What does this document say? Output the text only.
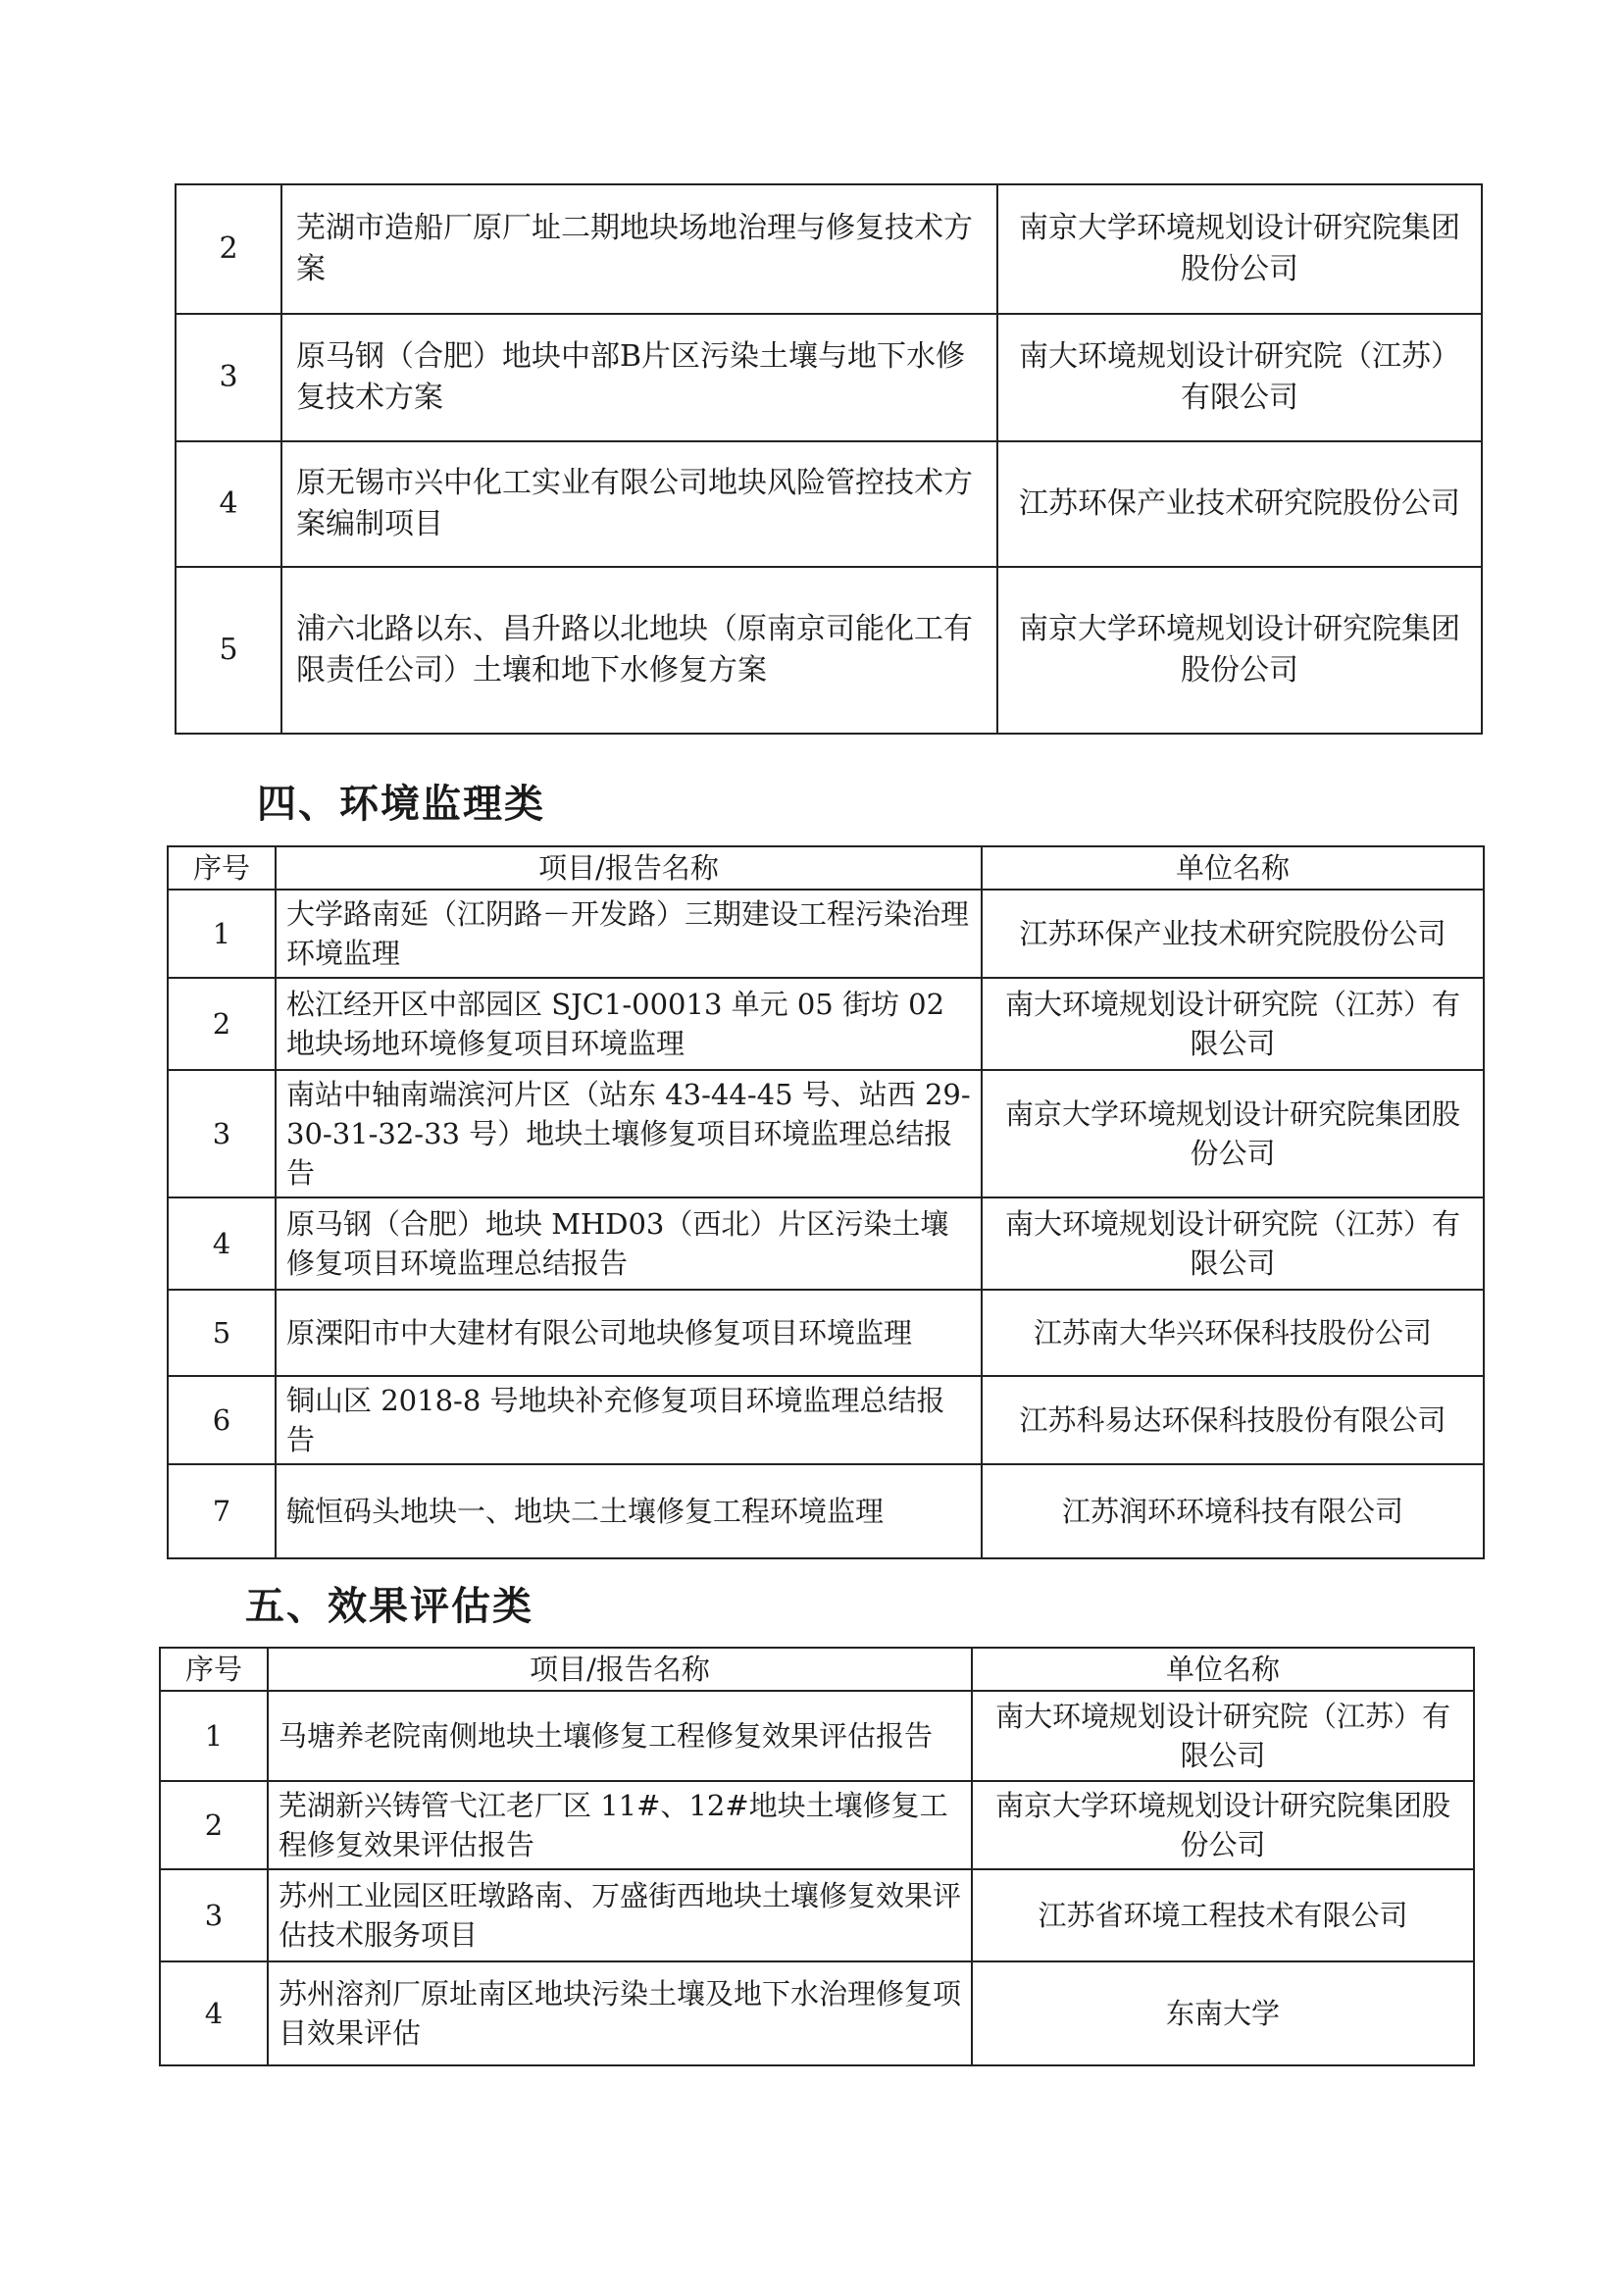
2	芜湖市造船厂原厂址二期地块场地治理与修复技术方案	南京大学环境规划设计研究院集团股份公司
3	原马钢（合肥）地块中部B片区污染土壤与地下水修复技术方案	南大环境规划设计研究院（江苏）有限公司
4	原无锡市兴中化工实业有限公司地块风险管控技术方案编制项目	江苏环保产业技术研究院股份公司
5	浦六北路以东、昌升路以北地块（原南京司能化工有限责任公司）土壤和地下水修复方案	南京大学环境规划设计研究院集团股份公司
四、环境监理类
序号	项目/报告名称	单位名称
1	大学路南延（江阴路－开发路）三期建设工程污染治理环境监理	江苏环保产业技术研究院股份公司
2	松江经开区中部园区 SJC1-00013 单元 05 街坊 02 地块场地环境修复项目环境监理	南大环境规划设计研究院（江苏）有限公司
3	南站中轴南端滨河片区（站东 43-44-45 号、站西 29-30-31-32-33 号）地块土壤修复项目环境监理总结报告	南京大学环境规划设计研究院集团股份公司
4	原马钢（合肥）地块 MHD03（西北）片区污染土壤修复项目环境监理总结报告	南大环境规划设计研究院（江苏）有限公司
5	原溧阳市中大建材有限公司地块修复项目环境监理	江苏南大华兴环保科技股份公司
6	铜山区 2018-8 号地块补充修复项目环境监理总结报告	江苏科易达环保科技股份有限公司
7	毓恒码头地块一、地块二土壤修复工程环境监理	江苏润环环境科技有限公司
五、效果评估类
序号	项目/报告名称	单位名称
1	马塘养老院南侧地块土壤修复工程修复效果评估报告	南大环境规划设计研究院（江苏）有限公司
2	芜湖新兴铸管弋江老厂区 11#、12#地块土壤修复工程修复效果评估报告	南京大学环境规划设计研究院集团股份公司
3	苏州工业园区旺墩路南、万盛街西地块土壤修复效果评估技术服务项目	江苏省环境工程技术有限公司
4	苏州溶剂厂原址南区地块污染土壤及地下水治理修复项目效果评估	东南大学
